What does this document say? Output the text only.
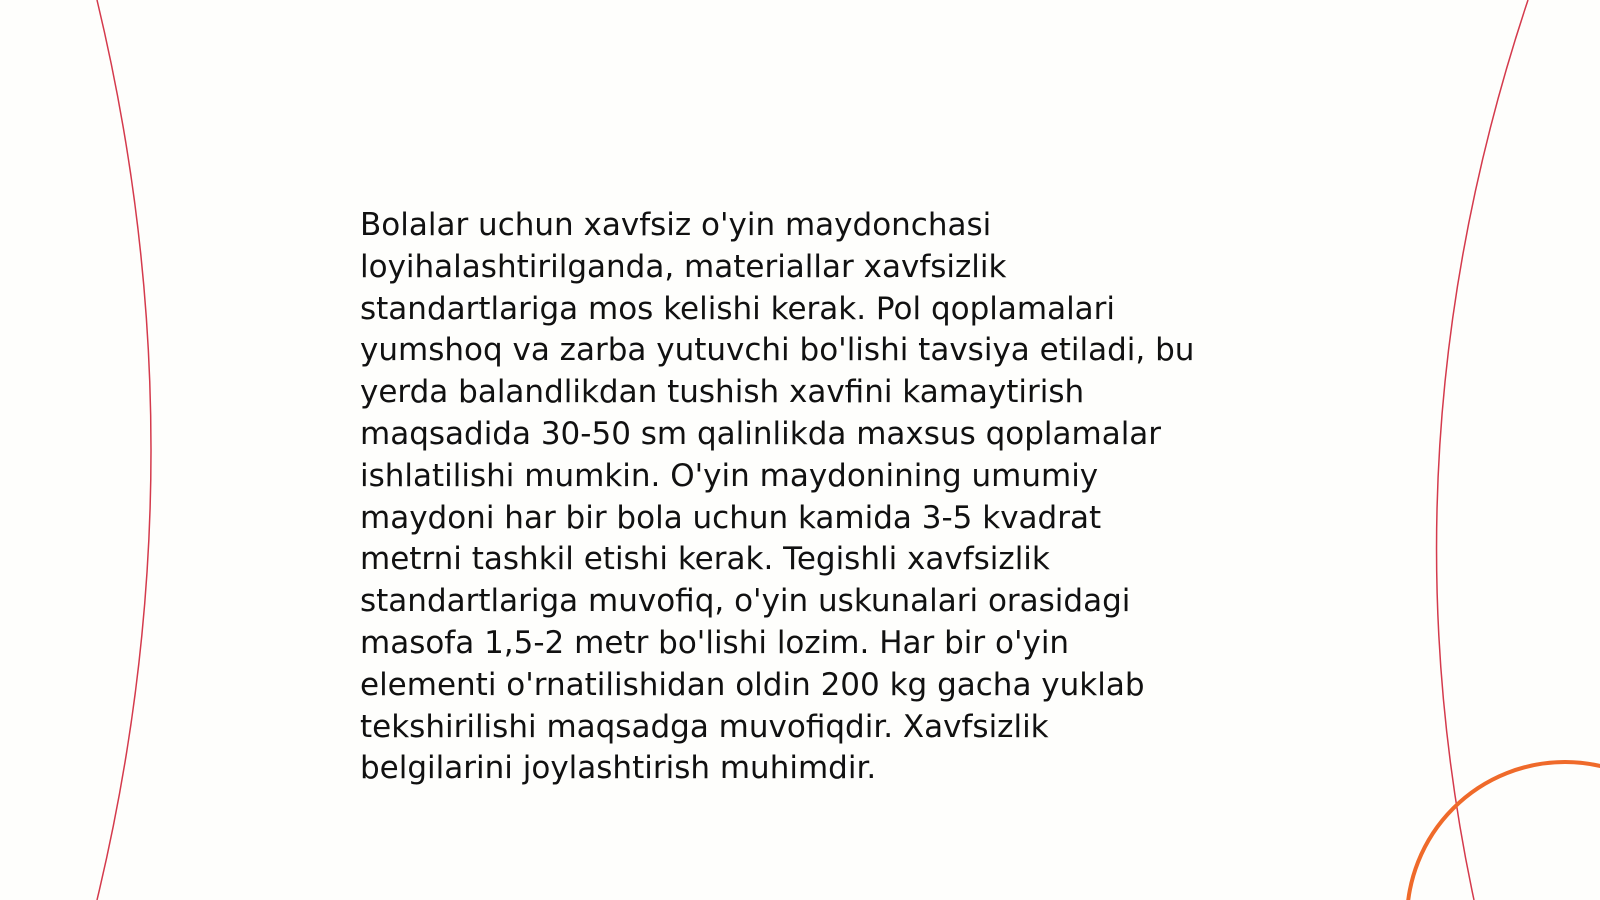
Bolalar uchun xavfsiz o'yin maydonchasi
loyihalashtirilganda, materiallar xavfsizlik
standartlariga mos kelishi kerak. Pol qoplamalari
yumshoq va zarba yutuvchi bo'lishi tavsiya etiladi, bu
yerda balandlikdan tushish xavfini kamaytirish
maqsadida 30-50 sm qalinlikda maxsus qoplamalar
ishlatilishi mumkin. O'yin maydonining umumiy
maydoni har bir bola uchun kamida 3-5 kvadrat
metrni tashkil etishi kerak. Tegishli xavfsizlik
standartlariga muvofiq, o'yin uskunalari orasidagi
masofa 1,5-2 metr bo'lishi lozim. Har bir o'yin
elementi o'rnatilishidan oldin 200 kg gacha yuklab
tekshirilishi maqsadga muvofiqdir. Xavfsizlik
belgilarini joylashtirish muhimdir.
